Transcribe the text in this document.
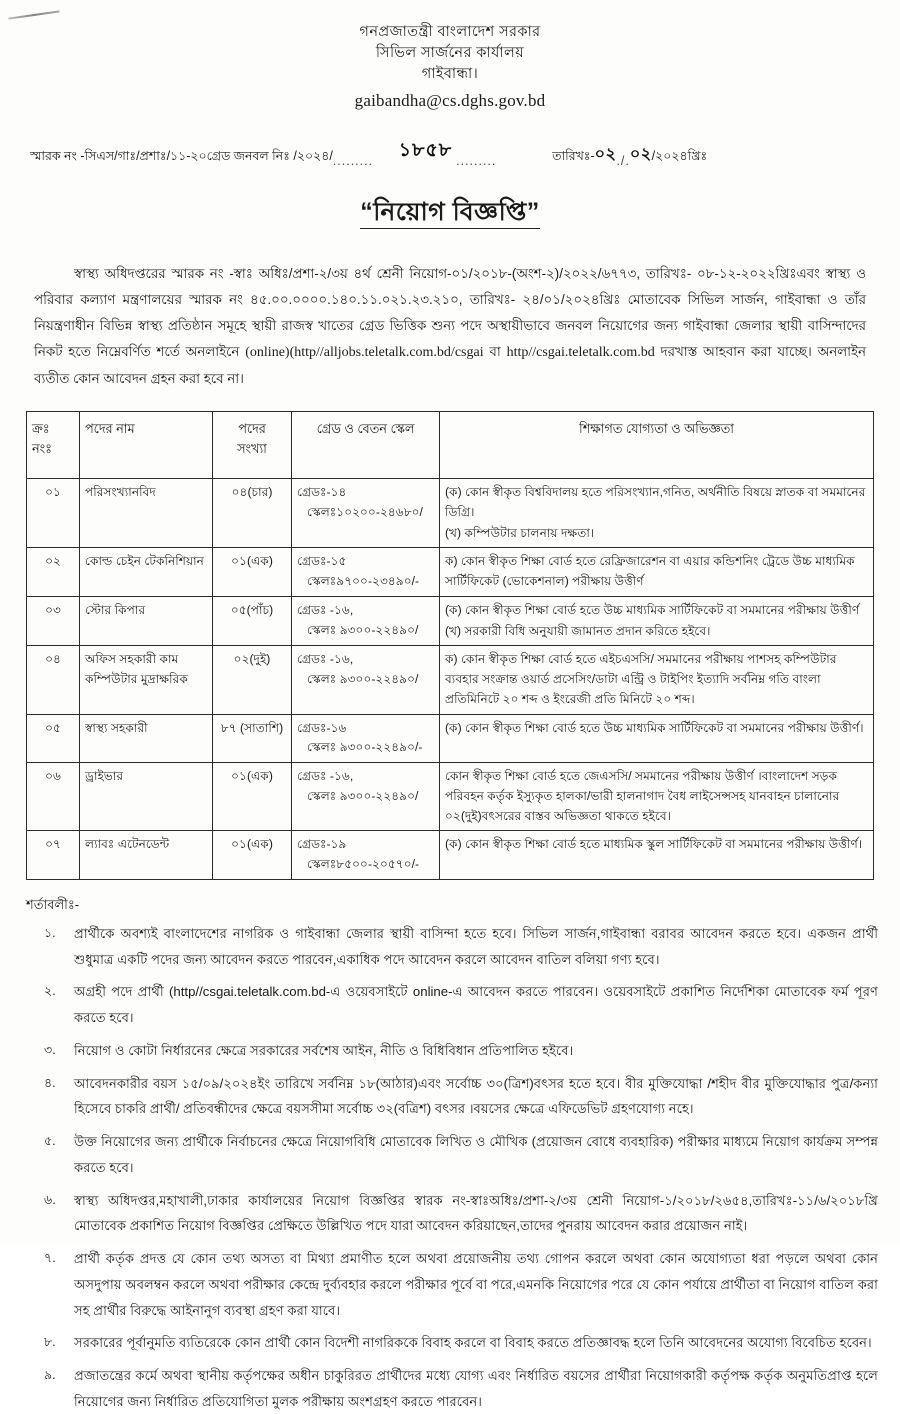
গনপ্রজাতন্ত্রী বাংলাদেশ সরকার
সিভিল সার্জনের কার্যালয়
গাইবান্ধা।
gaibandha@cs.dghs.gov.bd
স্মারক নং -সিএস/গাঃ/প্রশাঃ/১১-২০গ্রেড জনবল নিঃ /২০২৪/ .........	১৮৫৮ .........	তারিখঃ- ০২ ./. ০২ /২০২৪খ্রিঃ
“নিয়োগ বিজ্ঞপ্তি”
স্বাস্থ্য অধিদপ্তরের স্মারক নং -স্বাঃ অধিঃ/প্রশা-২/৩য় ৪র্থ শ্রেনী নিয়োগ-০১/২০১৮-(অংশ-২)/২০২২/৬৭৭৩, তারিখঃ- ০৮-১২-২০২২খ্রিঃএবং স্বাস্থ্য ও পরিবার কল্যাণ মন্ত্রণালয়ের স্মারক নং ৪৫.০০.০০০০.১৪০.১১.০২১.২৩.২১০, তারিখঃ- ২৪/০১/২০২৪খ্রিঃ মোতাবেক সিভিল সার্জন, গাইবান্ধা ও তাঁর নিয়ন্ত্রণাধীন বিভিন্ন স্বাস্থ্য প্রতিষ্ঠান সমূহে স্থায়ী রাজস্ব খাতের গ্রেড ভিত্তিক শুন্য পদে অস্থায়ীভাবে জনবল নিয়োগের জন্য গাইবান্ধা জেলার স্থায়ী বাসিন্দাদের নিকট হতে নিম্নেবর্ণিত শর্তে অনলাইনে (online)(http//alljobs.teletalk.com.bd/csgai বা http//csgai.teletalk.com.bd দরখাস্ত আহবান করা যাচ্ছে। অনলাইন ব্যতীত কোন আবেদন গ্রহন করা হবে না।
ক্রঃ
নংঃ	পদের নাম	পদের
সংখ্যা	গ্রেড ও বেতন স্কেল	শিক্ষাগত যোগ্যতা ও অভিজ্ঞতা
০১	পরিসংখ্যানবিদ	০৪(চার)	গ্রেডঃ-১৪
স্কেলঃ১০২০০-২৪৬৮০/	(ক) কোন স্বীকৃত বিশ্ববিদালয় হতে পরিসংখ্যান,গনিত, অর্থনীতি বিষয়ে স্নাতক বা সমমানের ডিগ্রি।
(খ) কম্পিউটার চালনায় দক্ষতা।

০২	কোল্ড চেইন টেকনিশিয়ান	০১(এক)	গ্রেডঃ-১৫
স্কেলঃ৯৭০০-২৩৪৯০/-	ক) কোন স্বীকৃত শিক্ষা বোর্ড হতে রেফ্রিজারেশন বা এয়ার কন্ডিশনিং ট্রেডে উচ্চ মাধ্যমিক সার্টিফিকেট (ভোকেশনাল) পরীক্ষায় উত্তীর্ণ

০৩	স্টোর কিপার	০৫(পাঁচ)	গ্রেডঃ -১৬,
স্কেলঃ ৯৩০০-২২৪৯০/	(ক) কোন স্বীকৃত শিক্ষা বোর্ড হতে উচ্চ মাধ্যমিক সার্টিফিকেট বা সমমানের পরীক্ষায় উত্তীর্ণ
(খ) সরকারী বিধি অনুযায়ী জামানত প্রদান করিতে হইবে।

০৪	অফিস সহকারী কাম কম্পিউটার মুদ্রাক্ষরিক	০২(দুই)	গ্রেডঃ -১৬,
স্কেলঃ ৯৩০০-২২৪৯০/	ক) কোন স্বীকৃত শিক্ষা বোর্ড হতে এইচএসসি/ সমমানের পরীক্ষায় পাশসহ কম্পিউটার ব্যবহার সংক্রান্ত ওয়ার্ড প্রসেসিং/ডাটা এন্ট্রি ও টাইপিং ইত্যাদি সর্বনিম্ন গতি বাংলা প্রতিমিনিটে ২০ শব্দ ও ইংরেজী প্রতি মিনিটে ২০ শব্দ।

০৫	স্বাস্থ্য সহকারী	৮৭ (সাতাশি)	গ্রেডঃ-১৬
স্কেলঃ ৯৩০০-২২৪৯০/-	(ক) কোন স্বীকৃত শিক্ষা বোর্ড হতে উচ্চ মাধ্যমিক সার্টিফিকেট বা সমমানের পরীক্ষায় উত্তীর্ণ।

০৬	ড্রাইভার	০১(এক)	গ্রেডঃ -১৬,
স্কেলঃ ৯৩০০-২২৪৯০/	কোন স্বীকৃত শিক্ষা বোর্ড হতে জেএসসি/ সমমানের পরীক্ষায় উত্তীর্ণ ।বাংলাদেশ সড়ক পরিবহন কর্তৃক ইস্যুকৃত হালকা/ভারী হালনাগাদ বৈধ লাইসেন্সসহ যানবাহন চালানোর ০২(দুই)বৎসরের বাস্তব অভিজ্ঞতা থাকতে হইবে।

০৭	ল্যাবঃ এটেনডেন্ট	০১(এক)	গ্রেডঃ-১৯
স্কেলঃ৮৫০০-২০৫৭০/-	(ক) কোন স্বীকৃত শিক্ষা বোর্ড হতে মাধ্যমিক স্কুল সার্টিফিকেট বা সমমানের পরীক্ষায় উত্তীর্ণ।
শর্তাবলীঃ-
১.	প্রার্থীকে অবশ্যই বাংলাদেশের নাগরিক ও গাইবান্ধা জেলার স্থায়ী বাসিন্দা হতে হবে। সিভিল সার্জন,গাইবান্ধা বরাবর আবেদন করতে হবে। একজন প্রার্থী শুধুমাত্র একটি পদের জন্য আবেদন করতে পারবেন,একাধিক পদে আবেদন করলে আবেদন বাতিল বলিয়া গণ্য হবে।
২.	অগ্রহী পদে প্রার্থী (http//csgai.teletalk.com.bd-এ ওয়েবসাইটে online-এ আবেদন করতে পারবেন। ওয়েবসাইটে প্রকাশিত নির্দেশিকা মোতাবেক ফর্ম পূরণ করতে হবে।
৩.	নিয়োগ ও কোটা নির্ধারনের ক্ষেত্রে সরকারের সর্বশেষ আইন, নীতি ও বিধিবিধান প্রতিপালিত হইবে।
৪.	আবেদনকারীর বয়স ১৫/০৯/২০২৪ইং তারিখে সর্বনিম্ন ১৮(আঠার)এবং সর্বোচ্চ ৩০(ত্রিশ)বৎসর হতে হবে। বীর মুক্তিযোদ্ধা /শহীদ বীর মুক্তিযোদ্ধার পুত্র/কন্যা হিসেবে চাকরি প্রার্থী/ প্রতিবন্ধীদের ক্ষেত্রে বয়সসীমা সর্বোচ্চ ৩২(বত্রিশ) বৎসর ।বয়সের ক্ষেত্রে এফিডেভিট গ্রহণযোগ্য নহে।
৫.	উক্ত নিয়োগের জন্য প্রার্থীকে নির্বাচনের ক্ষেত্রে নিয়োগবিধি মোতাবেক লিখিত ও মৌখিক (প্রয়োজন বোধে ব্যবহারিক) পরীক্ষার মাধ্যমে নিয়োগ কার্যক্রম সম্পন্ন করতে হবে।
৬.	স্বাস্থ্য অধিদপ্তর,মহাখালী,ঢাকার কার্যালয়ের নিয়োগ বিজ্ঞপ্তির স্বারক নং-স্বাঃঅধিঃ/প্রশা-২/৩য় শ্রেনী নিয়োগ-১/২০১৮/২৬৫৪,তারিখঃ-১১/৬/২০১৮খ্রি মোতাবেক প্রকাশিত নিয়োগ বিজ্ঞপ্তির প্রেক্ষিতে উল্লিখিত পদে যারা আবেদন করিয়াছেন,তাদের পুনরায় আবেদন করার প্রয়োজন নাই।
৭.	প্রার্থী কর্তৃক প্রদত্ত যে কোন তথ্য অসত্য বা মিথ্যা প্রমাণীত হলে অথবা প্রয়োজনীয় তথ্য গোপন করলে অথবা কোন অযোগ্যতা ধরা পড়লে অথবা কোন অসদুপায় অবলম্বন করলে অথবা পরীক্ষার কেন্দ্রে দুর্ব্যবহার করলে পরীক্ষার পূর্বে বা পরে,এমনকি নিয়োগের পরে যে কোন পর্যায়ে প্রার্থীতা বা নিয়োগ বাতিল করা সহ প্রার্থীর বিরুদ্ধে আইনানুগ ব্যবস্থা গ্রহণ করা যাবে।
৮.	সরকারের পূর্বানুমতি ব্যতিরেকে কোন প্রার্থী কোন বিদেশী নাগরিককে বিবাহ করলে বা বিবাহ করতে প্রতিজ্ঞাবদ্ধ হলে তিনি আবেদনের অযোগ্য বিবেচিত হবেন।
৯.	প্রজাতন্ত্রের কর্মে অথবা স্থানীয় কর্তৃপক্ষের অধীন চাকুরিরত প্রার্থীদের মধ্যে যোগ্য এবং নির্ধারিত বয়সের প্রার্থীরা নিয়োগকারী কর্তৃপক্ষ কর্তৃক অনুমতিপ্রাপ্ত হলে নিয়োগের জন্য নির্ধারিত প্রতিযোগিতা মুলক পরীক্ষায় অংশগ্রহণ করতে পারবেন।
